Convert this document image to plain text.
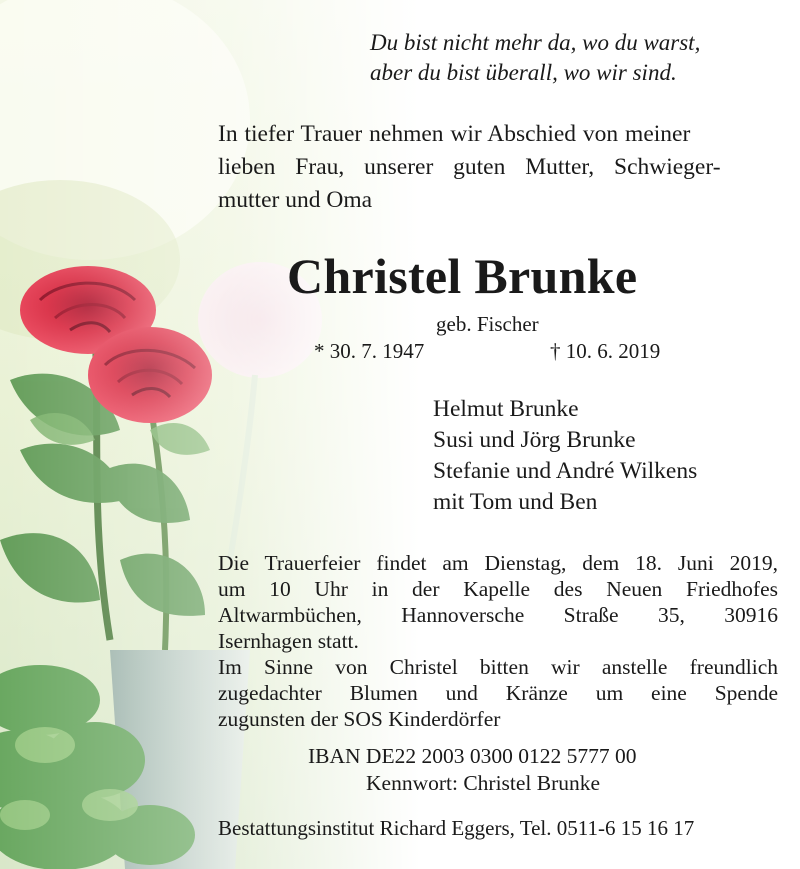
Du bist nicht mehr da, wo du warst,

aber du bist überall, wo wir sind.

In tiefer Trauer nehmen wir Abschied von meiner

lieben Frau, unserer guten Mutter, Schwieger-

mutter und Oma

Christel Brunke

geb. Fischer

* 30. 7. 1947	† 10. 6. 2019

Helmut Brunke

Susi und Jörg Brunke

Stefanie und André Wilkens

mit Tom und Ben

Die Trauerfeier findet am Dienstag, dem 18. Juni 2019,

um 10 Uhr in der Kapelle des Neuen Friedhofes

Altwarmbüchen, Hannoversche Straße 35, 30916

Isernhagen statt.

Im Sinne von Christel bitten wir anstelle freundlich

zugedachter Blumen und Kränze um eine Spende

zugunsten der SOS Kinderdörfer

IBAN DE22 2003 0300 0122 5777 00

Kennwort: Christel Brunke

Bestattungsinstitut Richard Eggers, Tel. 0511-6 15 16 17
